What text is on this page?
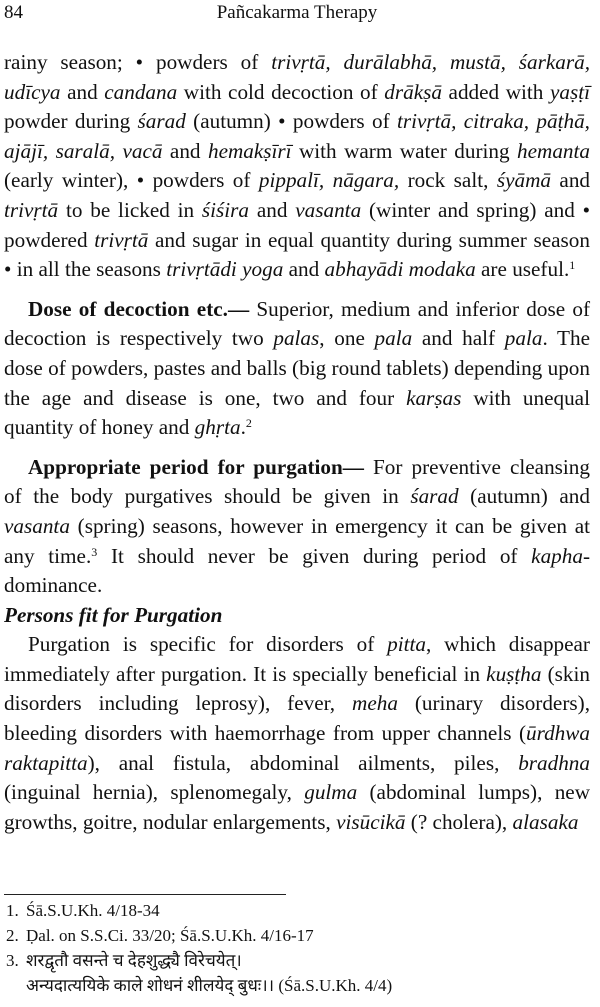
84	Pañcakarma Therapy

rainy season; • powders of trivṛtā, durālabhā, mustā, śarkarā, udīcya and candana with cold decoction of drākṣā added with yaṣṭī powder during śarad (autumn) • powders of trivṛtā, citraka, pāṭhā, ajājī, saralā, vacā and hemakṣīrī with warm water during hemanta (early winter), • powders of pippalī, nāgara, rock salt, śyāmā and trivṛtā to be licked in śiśira and vasanta (winter and spring) and • powdered trivṛtā and sugar in equal quantity during summer season • in all the seasons trivṛtādi yoga and abhayādi modaka are useful.$^1$

Dose of decoction etc.— Superior, medium and inferior dose of decoction is respectively two palas, one pala and half pala. The dose of powders, pastes and balls (big round tablets) depending upon the age and disease is one, two and four karṣas with unequal quantity of honey and ghṛta.$^2$

Appropriate period for purgation— For preventive cleansing of the body purgatives should be given in śarad (autumn) and vasanta (spring) seasons, however in emergency it can be given at any time.$^3$ It should never be given during period of kapha-dominance.

Persons fit for Purgation

Purgation is specific for disorders of pitta, which disappear immediately after purgation. It is specially beneficial in kuṣṭha (skin disorders including leprosy), fever, meha (urinary disorders), bleeding disorders with haemorrhage from upper channels (ūrdhwa raktapitta), anal fistula, abdominal ailments, piles, bradhna (inguinal hernia), splenomegaly, gulma (abdominal lumps), new growths, goitre, nodular enlargements, visūcikā (? cholera), alasaka

1. Śā.S.U.Kh. 4/18-34
2. Ḍal. on S.S.Ci. 33/20; Śā.S.U.Kh. 4/16-17
3. शरद्वृतौ वसन्ते च देहशुद्ध्यै विरेचयेत्।
अन्यदात्ययिके काले शोधनं शीलयेद् बुधः।। (Śā.S.U.Kh. 4/4)
